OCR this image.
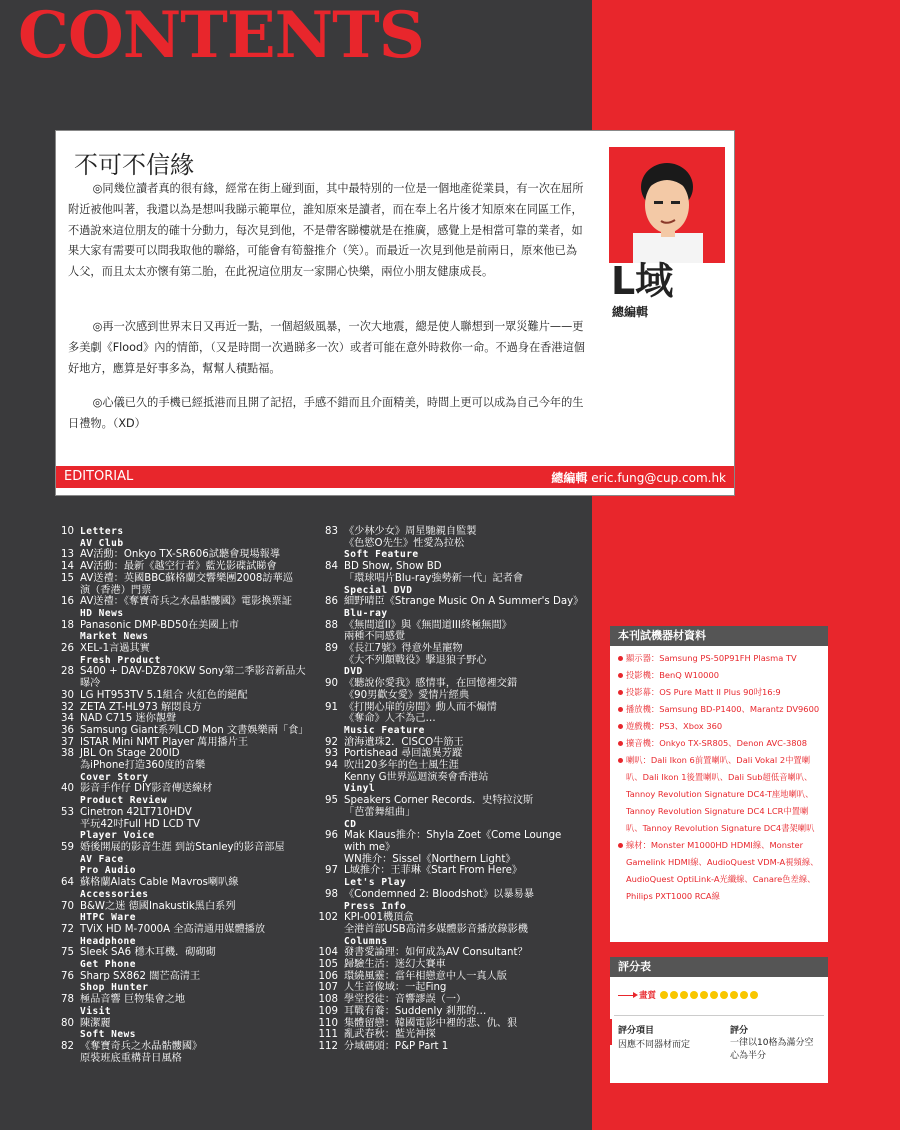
CONTENTS
不可不信緣

◎同幾位讀者真的很有緣，經常在街上碰到面，其中最特別的一位是一個地產從業員，有一次在屈所附近被他叫著，我還以為是想叫我睇示範單位，誰知原來是讀者，而在奉上名片後才知原來在同區工作，不過說來這位朋友的確十分動力，每次見到他，不是帶客睇樓就是在推廣，感覺上是相當可靠的業者，如果大家有需要可以問我取他的聯絡，可能會有筍盤推介（笑）。而最近一次見到他是前兩日，原來他已為人父，而且太太亦懷有第二胎，在此祝這位朋友一家開心快樂，兩位小朋友健康成長。

◎再一次感到世界末日又再近一點，一個超級風暴，一次大地震，總是使人聯想到一眾災難片——更多美劇《Flood》內的情節，（又是時間一次過睇多一次）或者可能在意外時救你一命。不過身在香港這個好地方，應算是好事多為，幫幫人積點福。

◎心儀已久的手機已經抵港而且開了記招，手感不錯而且介面精美，時間上更可以成為自己今年的生日禮物。（XD）

L域
總編輯
EDITORIAL	總編輯 eric.fung@cup.com.hk
10 Letters
AV Club
13 AV活動：Onkyo TX-SR606試聽會現場報導
14 AV活動：最新《越空行者》藍光影碟試睇會
15 AV送禮：英國BBC蘇格蘭交響樂團2008訪華巡
演（香港）門票
16 AV送禮：《奪寶奇兵之水晶骷髏國》電影換票証
HD News
18 Panasonic DMP-BD50在美國上市
Market News
26 XEL-1言過其實
Fresh Product
28 S400 + DAV-DZ870KW Sony第二季影音新品大
曝冷
30 LG HT953TV 5.1組合 火紅色的絕配
32 ZETA ZT-HL973 解悶良方
34 NAD C715 迷你靚聲
36 Samsung Giant系列LCD Mon 文書娛樂兩「食」
37 ISTAR Mini NMT Player 萬用播片王
38 JBL On Stage 200ID
為iPhone打造360度的音樂
Cover Story
40 影音手作仔 DIY影音傳送線材
Product Review
53 Cinetron 42LT710HDV
平玩42吋Full HD LCD TV
Player Voice
59 婚後開展的影音生涯 到訪Stanley的影音部屋
AV Face
Pro Audio
64 蘇格蘭Alats Cable Mavros喇叭線
Accessories
70 B&W之迷 德國Inakustik黑白系列
HTPC Ware
72 TViX HD M-7000A 全高清通用媒體播放
Headphone
75 Sleek SA6 穩木耳機．砌砌砌
Get Phone
76 Sharp SX862 闊芒高清王
Shop Hunter
78 極品音響 巨物集會之地
Visit
80 陳潔麗
Soft News
82 《奪寶奇兵之水晶骷髏國》
原裝班底重構昔日風格
83 《少林少女》周星馳親自監製
《色慾O先生》性愛為拉松
Soft Feature
84 BD Show, Show BD
「環球唱片Blu-ray強勢新一代」記者會
Special DVD
86 細野晴臣《Strange Music On A Summer's Day》
Blu-ray
88 《無間道II》與《無間道III終極無間》
兩種不同感覺
89 《長江7號》得意外星寵物
《大不列顛戰役》擊退狼子野心
DVD
90 《聽說你愛我》感情事，在回憶裡交錯
《90男歡女愛》愛情片經典
91 《打開心扉的房間》動人而不煽情
《奪命》人不為己…
Music Feature
92 滄海遺珠2．CISCO牛筋王
93 Portishead 尋回詭異芳蹤
94 吹出20多年的色士風生涯
Kenny G世界巡迴演奏會香港站
Vinyl
95 Speakers Corner Records．史特拉汶斯
「芭蕾舞組曲」
CD
96 Mak Klaus推介：Shyla Zoet《Come Lounge
with me》
WN推介：Sissel《Northern Light》
97 L域推介：王菲琳《Start From Here》
Let's Play
98 《Condemned 2: Bloodshot》以暴易暴
Press Info
102 KPI-001機頂盒
全港首部USB高清多媒體影音播放錄影機
Columns
104 發書愛論理：如何成為AV Consultant？
105 歸驗生活：迷幻大賽車
106 環繞風靈：當年相戀意中人一真人版
107 人生音像域：一起Fing
108 學堂授徒：音響謬誤（一）
109 耳戰有養：Suddenly 剎那的…
110 集體留戀：韓國電影中裡的悲、仇、狠
111 亂武春秋：藍光神探
112 分域碼頭：P&P Part 1
本刊試機器材資料
顯示器：Samsung PS-50P91FH Plasma TV
投影機：BenQ W10000
投影幕：OS Pure Matt II Plus 90吋16:9
播放機：Samsung BD-P1400、Marantz DV9600
遊戲機：PS3、Xbox 360
擴音機：Onkyo TX-SR805、Denon AVC-3808
喇叭：Dali Ikon 6前置喇叭、Dali Vokal 2中置喇叭、Dali Ikon 1後置喇叭、Dali Sub超低音喇叭、Tannoy Revolution Signature DC4-T座地喇叭、Tannoy Revolution Signature DC4 LCR中置喇叭、Tannoy Revolution Signature DC4書架喇叭
線材：Monster M1000HD HDMI線、Monster Gamelink HDMI線、AudioQuest VDM-A視頻線、AudioQuest OptiLink-A光纖線、Canare色差線、Philips PXT1000 RCA線
評分表
畫質
評分項目
因應不同器材而定
評分
一律以10格為滿分空心為半分
